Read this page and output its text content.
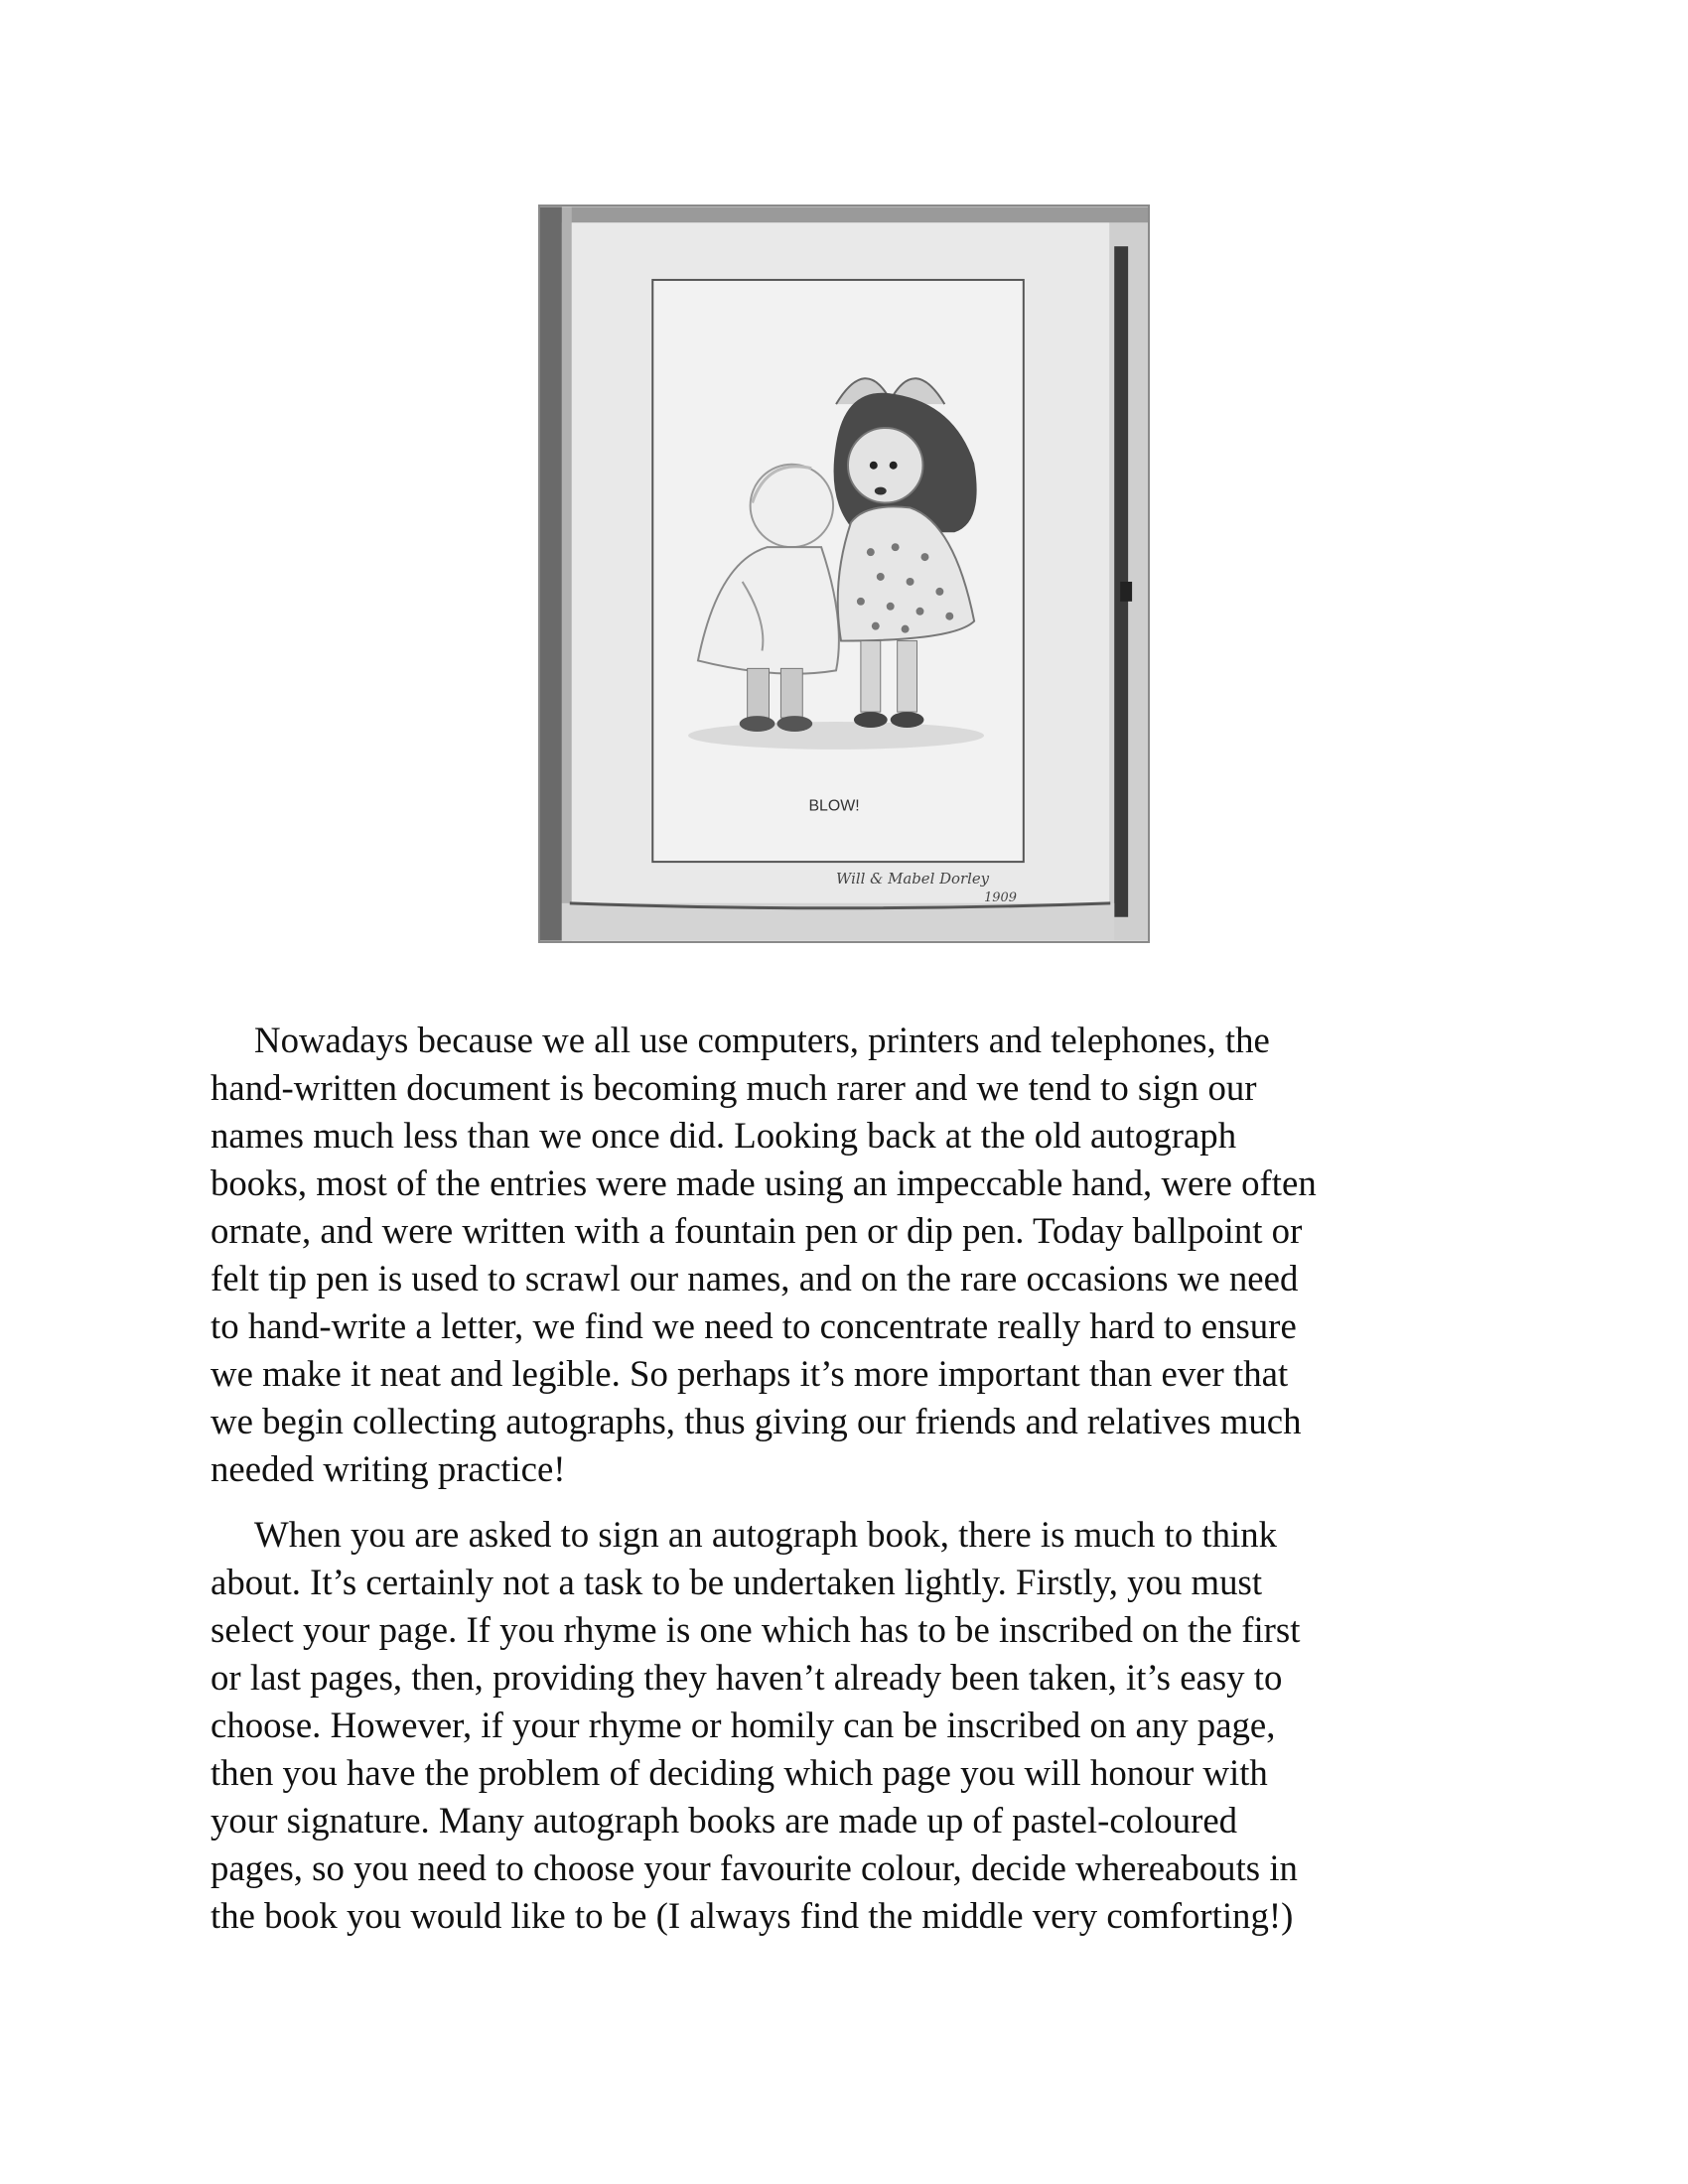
BLOW!
Will & Mabel Dorley
1909

Nowadays because we all use computers, printers and telephones, the
hand-written document is becoming much rarer and we tend to sign our
names much less than we once did. Looking back at the old autograph
books, most of the entries were made using an impeccable hand, were often
ornate, and were written with a fountain pen or dip pen. Today ballpoint or
felt tip pen is used to scrawl our names, and on the rare occasions we need
to hand-write a letter, we find we need to concentrate really hard to ensure
we make it neat and legible. So perhaps it’s more important than ever that
we begin collecting autographs, thus giving our friends and relatives much
needed writing practice!

When you are asked to sign an autograph book, there is much to think
about. It’s certainly not a task to be undertaken lightly. Firstly, you must
select your page. If you rhyme is one which has to be inscribed on the first
or last pages, then, providing they haven’t already been taken, it’s easy to
choose. However, if your rhyme or homily can be inscribed on any page,
then you have the problem of deciding which page you will honour with
your signature. Many autograph books are made up of pastel-coloured
pages, so you need to choose your favourite colour, decide whereabouts in
the book you would like to be (I always find the middle very comforting!)
